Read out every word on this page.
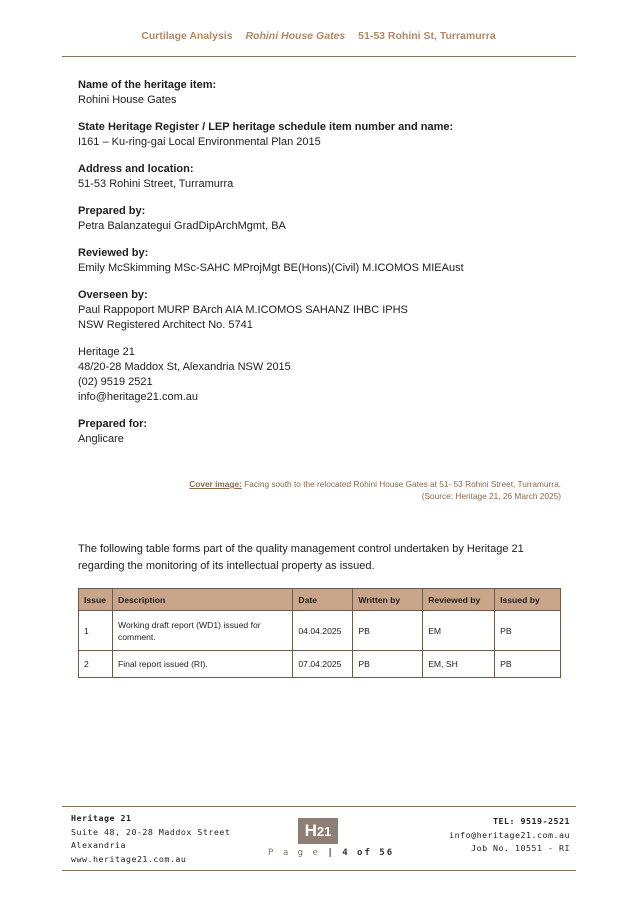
Curtilage Analysis Rohini House Gates 51-53 Rohini St, Turramurra
Name of the heritage item:
Rohini House Gates
State Heritage Register / LEP heritage schedule item number and name:
I161 – Ku-ring-gai Local Environmental Plan 2015
Address and location:
51-53 Rohini Street, Turramurra
Prepared by:
Petra Balanzategui GradDipArchMgmt, BA
Reviewed by:
Emily McSkimming MSc-SAHC MProjMgt BE(Hons)(Civil) M.ICOMOS MIEAust
Overseen by:
Paul Rappoport MURP BArch AIA M.ICOMOS SAHANZ IHBC IPHS
NSW Registered Architect No. 5741
Heritage 21
48/20-28 Maddox St, Alexandria NSW 2015
(02) 9519 2521
info@heritage21.com.au
Prepared for:
Anglicare
Cover image: Facing south to the relocated Rohini House Gates at 51- 53 Rohini Street, Turramurra.
(Source: Heritage 21, 26 March 2025)
The following table forms part of the quality management control undertaken by Heritage 21 regarding the monitoring of its intellectual property as issued.
Issue	Description	Date	Written by	Reviewed by	Issued by
1	Working draft report (WD1) issued for comment.	04.04.2025	PB	EM	PB
2	Final report issued (RI).	07.04.2025	PB	EM, SH	PB
Heritage 21
Suite 48, 20-28 Maddox Street
Alexandria
www.heritage21.com.au
H21
P a g e | 4 of 56
TEL: 9519-2521
info@heritage21.com.au
Job No. 10551 - RI
